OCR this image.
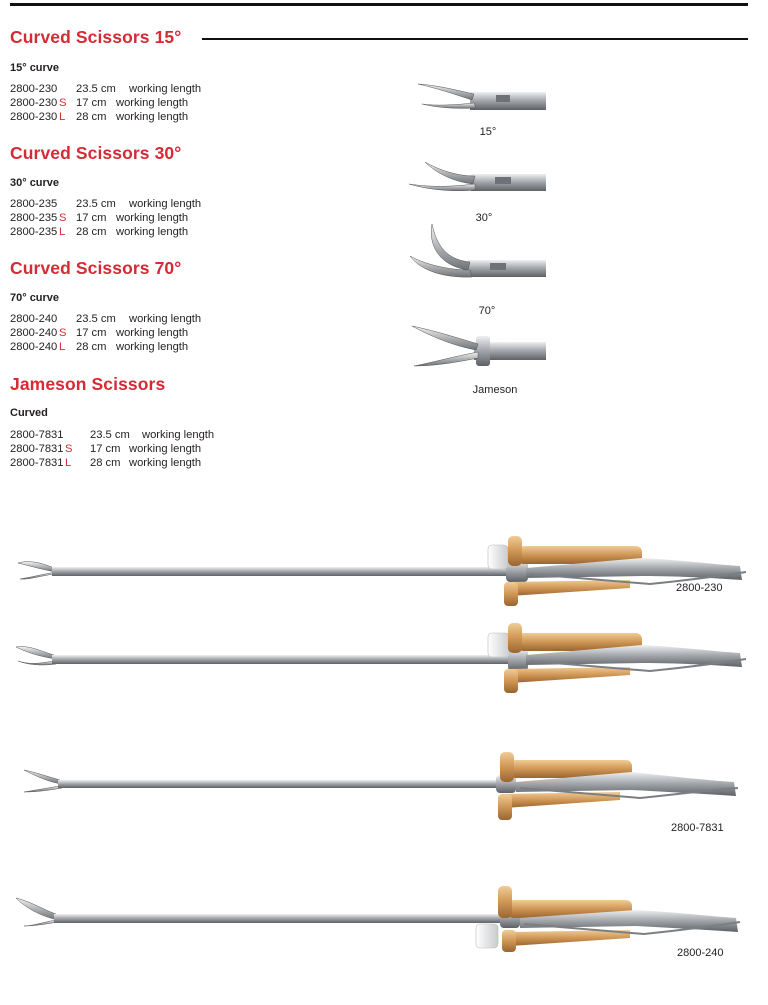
Curved Scissors 15°
15° curve
2800-230 23.5 cm working length
2800-230 S 17 cm working length
2800-230 L 28 cm working length
Curved Scissors 30°
30° curve
2800-235 23.5 cm working length
2800-235 S 17 cm working length
2800-235 L 28 cm working length
Curved Scissors 70°
70° curve
2800-240 23.5 cm working length
2800-240 S 17 cm working length
2800-240 L 28 cm working length
Jameson Scissors
Curved
2800-7831 23.5 cm working length
2800-7831 S 17 cm working length
2800-7831 L 28 cm working length
15°
30°
70°
Jameson
2800-230
2800-7831
2800-240
